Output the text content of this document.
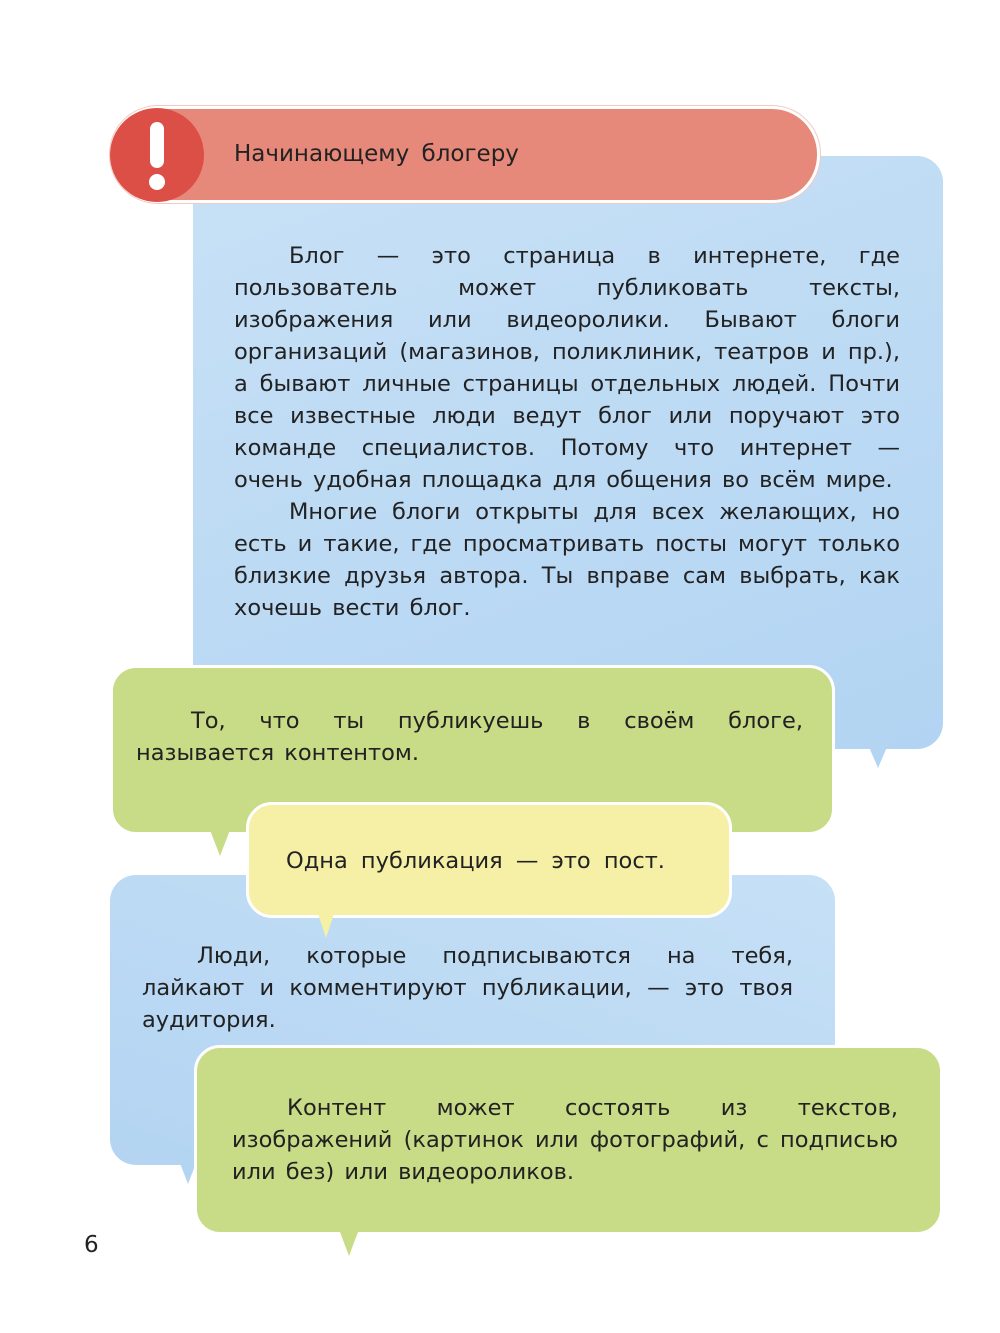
Блог — это страница в интернете, где пользователь может публиковать тексты, изображения или видеоролики. Бывают блоги организаций (магазинов, поликлиник, театров и пр.), а бывают личные страницы отдельных людей. Почти все известные люди ведут блог или поручают это команде специалистов. Потому что интернет — очень удобная площадка для общения во всём мире.

Многие блоги открыты для всех желающих, но есть и такие, где просматривать посты могут только близкие друзья автора. Ты вправе сам выбрать, как хочешь вести блог.

Начинающему блогеру

Люди, которые подписываются на тебя, лайкают и комментируют публикации, — это твоя аудитория.

То, что ты публикуешь в своём блоге, называется контентом.

Одна публикация — это пост.

Контент может состоять из текстов, изображений (картинок или фотографий, с подписью или без) или видеороликов.

6
